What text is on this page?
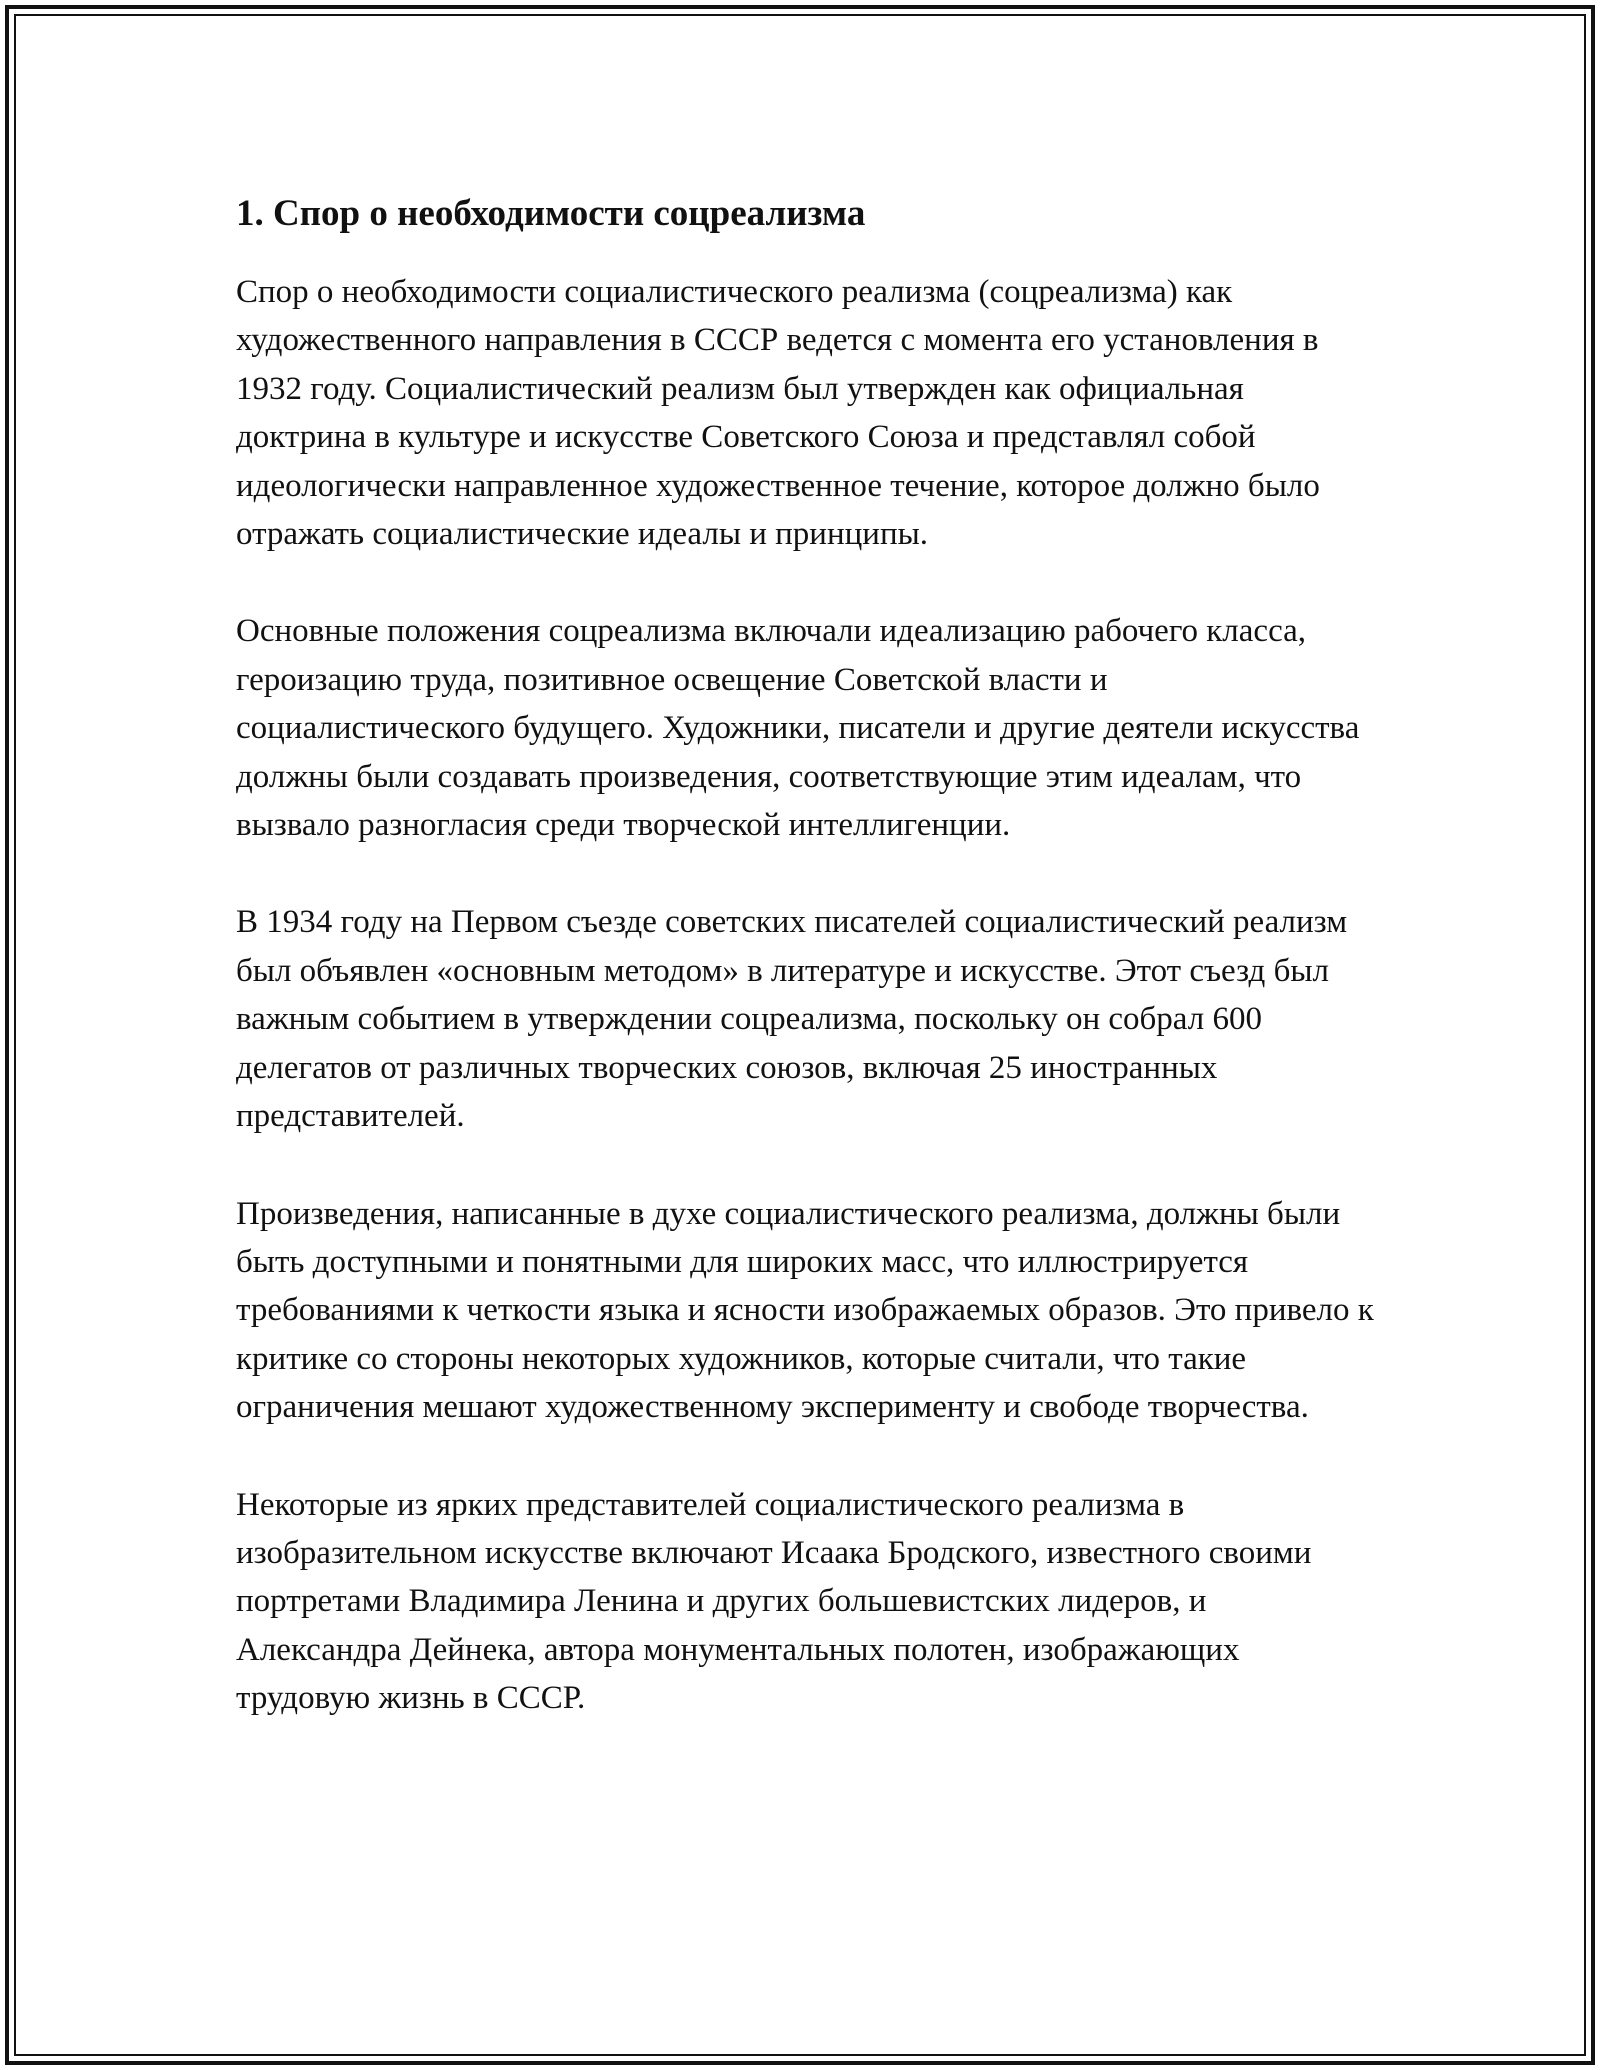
1. Спор о необходимости соцреализма

Спор о необходимости социалистического реализма (соцреализма) как художественного направления в СССР ведется с момента его установления в 1932 году. Социалистический реализм был утвержден как официальная доктрина в культуре и искусстве Советского Союза и представлял собой идеологически направленное художественное течение, которое должно было отражать социалистические идеалы и принципы.

Основные положения соцреализма включали идеализацию рабочего класса, героизацию труда, позитивное освещение Советской власти и социалистического будущего. Художники, писатели и другие деятели искусства должны были создавать произведения, соответствующие этим идеалам, что вызвало разногласия среди творческой интеллигенции.

В 1934 году на Первом съезде советских писателей социалистический реализм был объявлен «основным методом» в литературе и искусстве. Этот съезд был важным событием в утверждении соцреализма, поскольку он собрал 600 делегатов от различных творческих союзов, включая 25 иностранных представителей.

Произведения, написанные в духе социалистического реализма, должны были быть доступными и понятными для широких масс, что иллюстрируется требованиями к четкости языка и ясности изображаемых образов. Это привело к критике со стороны некоторых художников, которые считали, что такие ограничения мешают художественному эксперименту и свободе творчества.

Некоторые из ярких представителей социалистического реализма в изобразительном искусстве включают Исаака Бродского, известного своими портретами Владимира Ленина и других большевистских лидеров, и Александра Дейнека, автора монументальных полотен, изображающих трудовую жизнь в СССР.
